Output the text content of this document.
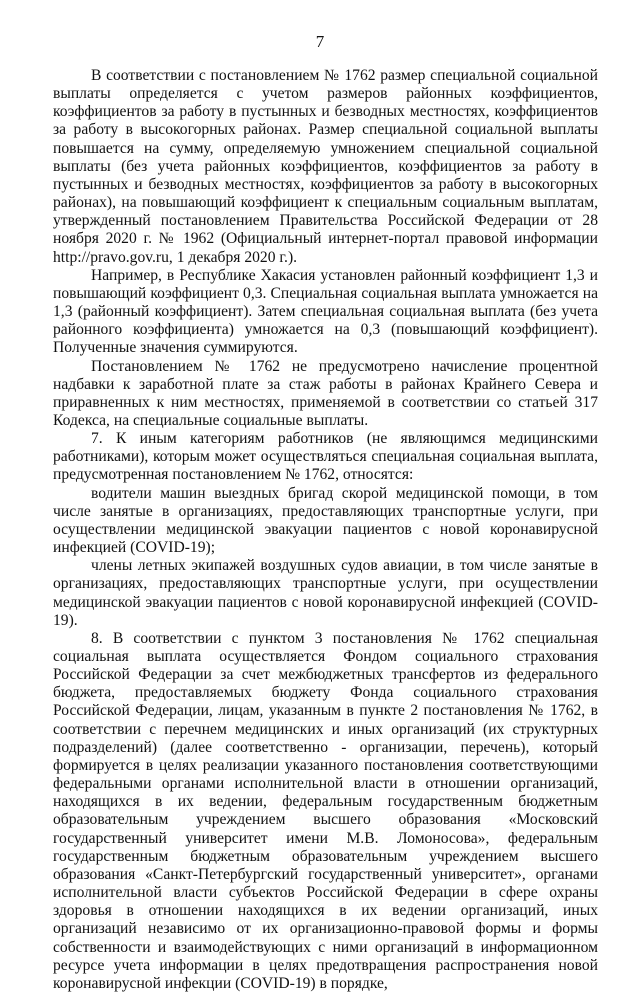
7

В соответствии с постановлением № 1762 размер специальной социальной выплаты определяется с учетом размеров районных коэффициентов, коэффициентов за работу в пустынных и безводных местностях, коэффициентов за работу в высокогорных районах. Размер специальной социальной выплаты повышается на сумму, определяемую умножением специальной социальной выплаты (без учета районных коэффициентов, коэффициентов за работу в пустынных и безводных местностях, коэффициентов за работу в высокогорных районах), на повышающий коэффициент к специальным социальным выплатам, утвержденный постановлением Правительства Российской Федерации от 28 ноября 2020 г. № 1962 (Официальный интернет-портал правовой информации http://pravo.gov.ru, 1 декабря 2020 г.).

Например, в Республике Хакасия установлен районный коэффициент 1,3 и повышающий коэффициент 0,3. Специальная социальная выплата умножается на 1,3 (районный коэффициент). Затем специальная социальная выплата (без учета районного коэффициента) умножается на 0,3 (повышающий коэффициент). Полученные значения суммируются.

Постановлением № 1762 не предусмотрено начисление процентной надбавки к заработной плате за стаж работы в районах Крайнего Севера и приравненных к ним местностях, применяемой в соответствии со статьей 317 Кодекса, на специальные социальные выплаты.

7. К иным категориям работников (не являющимся медицинскими работниками), которым может осуществляться специальная социальная выплата, предусмотренная постановлением № 1762, относятся:

водители машин выездных бригад скорой медицинской помощи, в том числе занятые в организациях, предоставляющих транспортные услуги, при осуществлении медицинской эвакуации пациентов с новой коронавирусной инфекцией (COVID-19);

члены летных экипажей воздушных судов авиации, в том числе занятые в организациях, предоставляющих транспортные услуги, при осуществлении медицинской эвакуации пациентов с новой коронавирусной инфекцией (COVID-19).

8. В соответствии с пунктом 3 постановления № 1762 специальная социальная выплата осуществляется Фондом социального страхования Российской Федерации за счет межбюджетных трансфертов из федерального бюджета, предоставляемых бюджету Фонда социального страхования Российской Федерации, лицам, указанным в пункте 2 постановления № 1762, в соответствии с перечнем медицинских и иных организаций (их структурных подразделений) (далее соответственно - организации, перечень), который формируется в целях реализации указанного постановления соответствующими федеральными органами исполнительной власти в отношении организаций, находящихся в их ведении, федеральным государственным бюджетным образовательным учреждением высшего образования «Московский государственный университет имени М.В. Ломоносова», федеральным государственным бюджетным образовательным учреждением высшего образования «Санкт-Петербургский государственный университет», органами исполнительной власти субъектов Российской Федерации в сфере охраны здоровья в отношении находящихся в их ведении организаций, иных организаций независимо от их организационно-правовой формы и формы собственности и взаимодействующих с ними организаций в информационном ресурсе учета информации в целях предотвращения распространения новой коронавирусной инфекции (COVID-19) в порядке,
